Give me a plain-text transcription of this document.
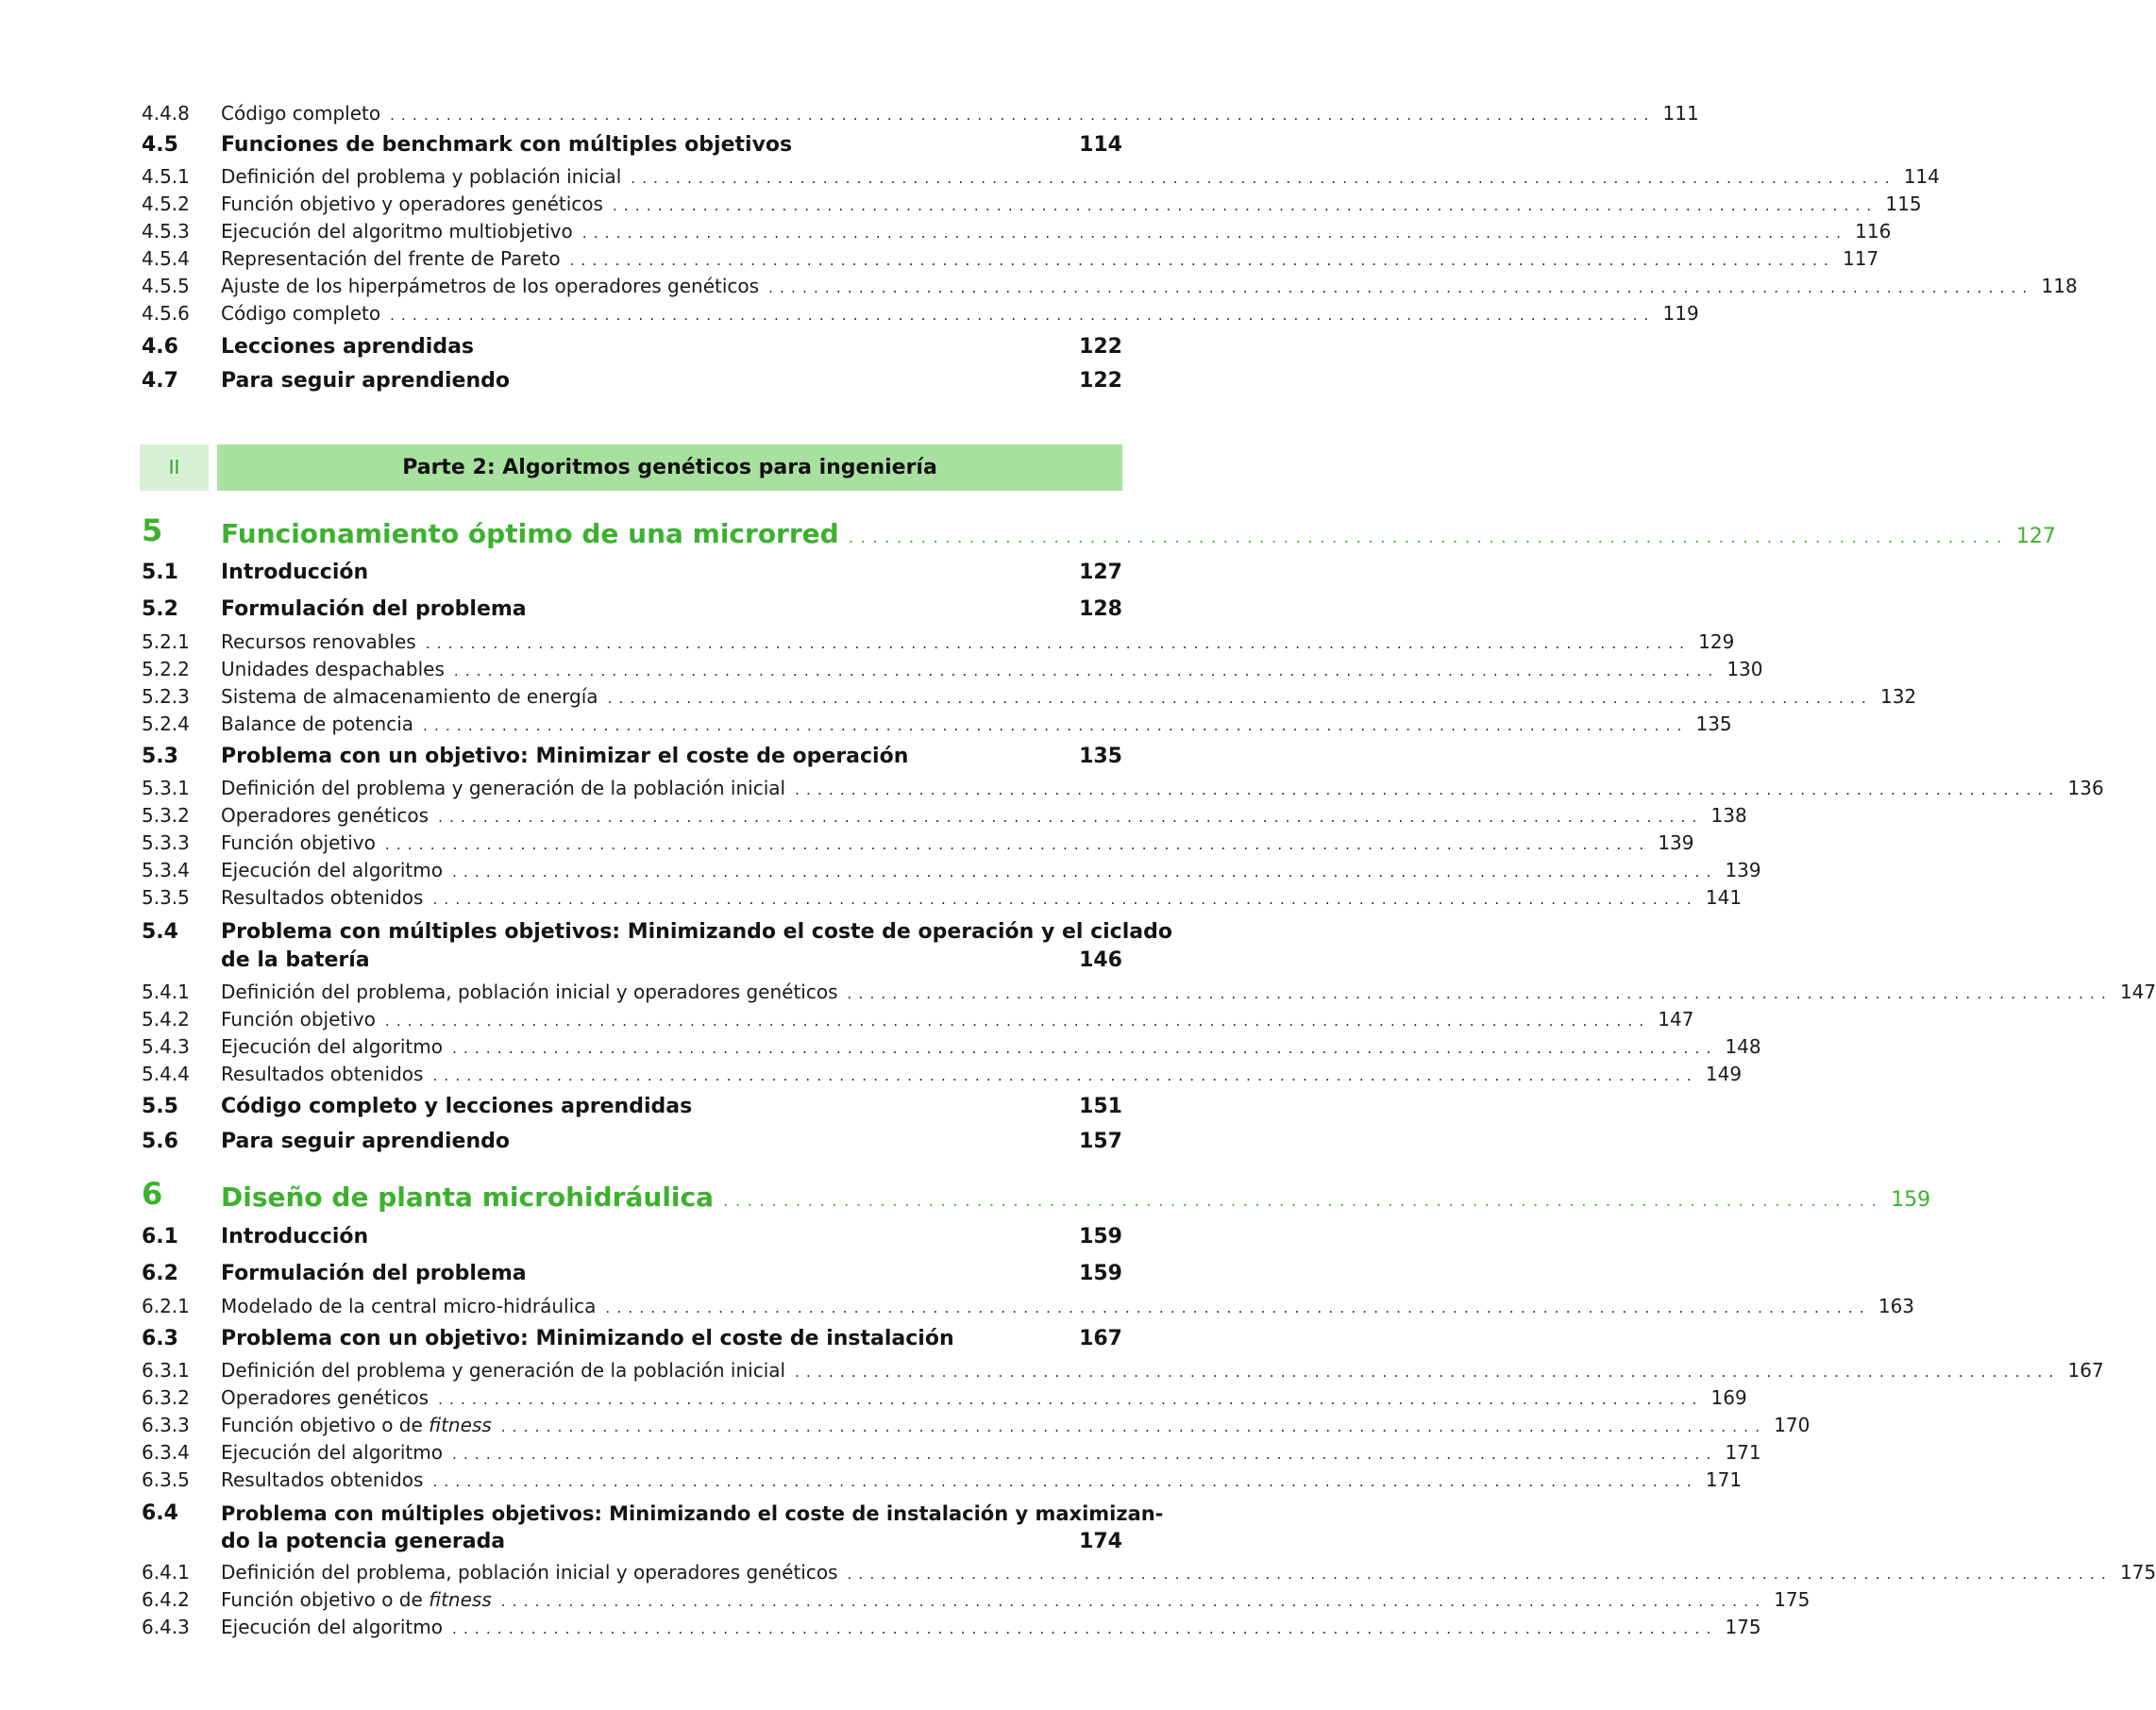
4.4.8 Código completo ................................................................................................................ 111
4.5 Funciones de benchmark con múltiples objetivos	114
4.5.1 Definición del problema y población inicial ................................................................................................................ 114
4.5.2 Función objetivo y operadores genéticos ................................................................................................................ 115
4.5.3 Ejecución del algoritmo multiobjetivo ................................................................................................................ 116
4.5.4 Representación del frente de Pareto ................................................................................................................ 117
4.5.5 Ajuste de los hiperpámetros de los operadores genéticos ................................................................................................................ 118
4.5.6 Código completo ................................................................................................................ 119
4.6 Lecciones aprendidas	122
4.7 Para seguir aprendiendo	122
II	Parte 2: Algoritmos genéticos para ingeniería
5 Funcionamiento óptimo de una microrred ................................................................................................ 127
5.1 Introducción	127
5.2 Formulación del problema	128
5.2.1 Recursos renovables ................................................................................................................ 129
5.2.2 Unidades despachables ................................................................................................................ 130
5.2.3 Sistema de almacenamiento de energía ................................................................................................................ 132
5.2.4 Balance de potencia ................................................................................................................ 135
5.3 Problema con un objetivo: Minimizar el coste de operación	135
5.3.1 Definición del problema y generación de la población inicial ................................................................................................................ 136
5.3.2 Operadores genéticos ................................................................................................................ 138
5.3.3 Función objetivo ................................................................................................................ 139
5.3.4 Ejecución del algoritmo ................................................................................................................ 139
5.3.5 Resultados obtenidos ................................................................................................................ 141
5.4 Problema con múltiples objetivos: Minimizando el coste de operación y el ciclado
de la batería	146
5.4.1 Definición del problema, población inicial y operadores genéticos ................................................................................................................ 147
5.4.2 Función objetivo ................................................................................................................ 147
5.4.3 Ejecución del algoritmo ................................................................................................................ 148
5.4.4 Resultados obtenidos ................................................................................................................ 149
5.5 Código completo y lecciones aprendidas	151
5.6 Para seguir aprendiendo	157
6 Diseño de planta microhidráulica ................................................................................................ 159
6.1 Introducción	159
6.2 Formulación del problema	159
6.2.1 Modelado de la central micro-hidráulica ................................................................................................................ 163
6.3 Problema con un objetivo: Minimizando el coste de instalación	167
6.3.1 Definición del problema y generación de la población inicial ................................................................................................................ 167
6.3.2 Operadores genéticos ................................................................................................................ 169
6.3.3 Función objetivo o de fitness ................................................................................................................ 170
6.3.4 Ejecución del algoritmo ................................................................................................................ 171
6.3.5 Resultados obtenidos ................................................................................................................ 171
6.4 Problema con múltiples objetivos: Minimizando el coste de instalación y maximizan-
do la potencia generada	174
6.4.1 Definición del problema, población inicial y operadores genéticos ................................................................................................................ 175
6.4.2 Función objetivo o de fitness ................................................................................................................ 175
6.4.3 Ejecución del algoritmo ................................................................................................................ 175
